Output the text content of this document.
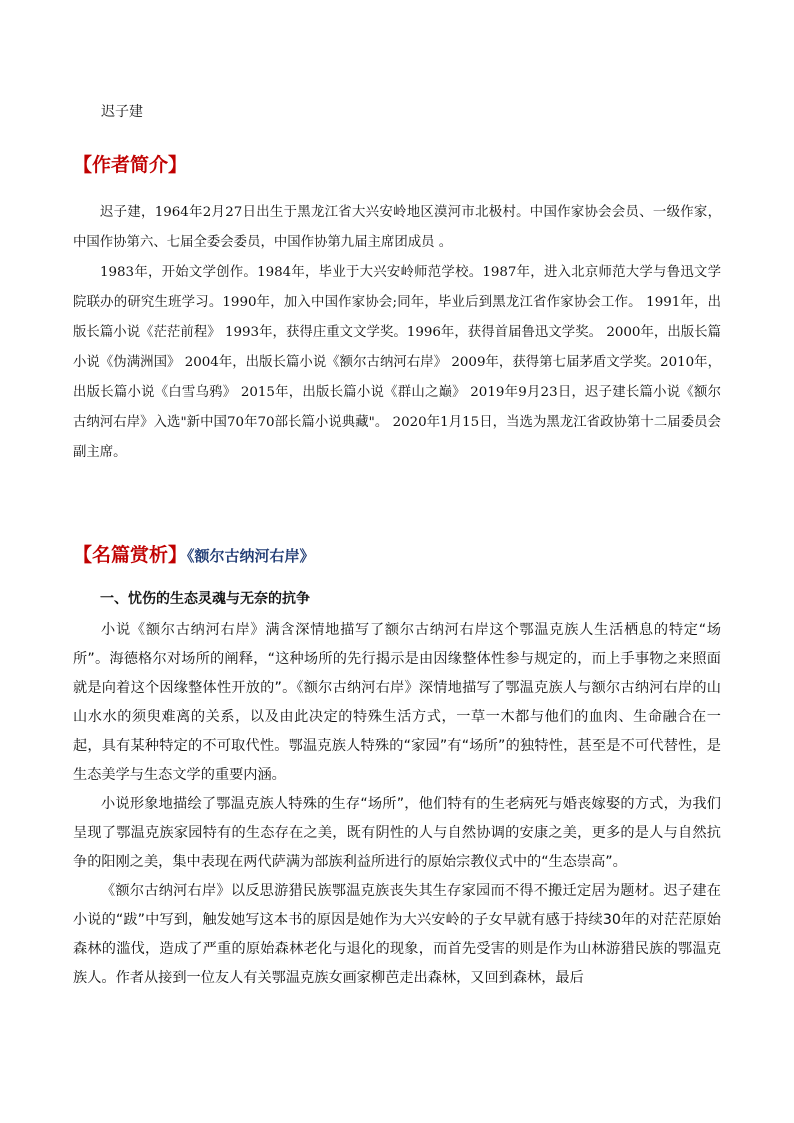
迟子建
【作者简介】

迟子建，1964年2月27日出生于黑龙江省大兴安岭地区漠河市北极村。中国作家协会会员、一级作家，中国作协第六、七届全委会委员，中国作协第九届主席团成员 。

1983年，开始文学创作。1984年，毕业于大兴安岭师范学校。1987年，进入北京师范大学与鲁迅文学院联办的研究生班学习。1990年，加入中国作家协会;同年，毕业后到黑龙江省作家协会工作。 1991年，出版长篇小说《茫茫前程》 1993年，获得庄重文文学奖。1996年，获得首届鲁迅文学奖。 2000年，出版长篇小说《伪满洲国》 2004年，出版长篇小说《额尔古纳河右岸》 2009年，获得第七届茅盾文学奖。2010年，出版长篇小说《白雪乌鸦》 2015年，出版长篇小说《群山之巅》 2019年9月23日，迟子建长篇小说《额尔古纳河右岸》入选"新中国70年70部长篇小说典藏"。 2020年1月15日，当选为黑龙江省政协第十二届委员会副主席。

【名篇赏析】《额尔古纳河右岸》
一、忧伤的生态灵魂与无奈的抗争

小说《额尔古纳河右岸》满含深情地描写了额尔古纳河右岸这个鄂温克族人生活栖息的特定“场所”。海德格尔对场所的阐释，“这种场所的先行揭示是由因缘整体性参与规定的，而上手事物之来照面就是向着这个因缘整体性开放的”。《额尔古纳河右岸》深情地描写了鄂温克族人与额尔古纳河右岸的山山水水的须臾难离的关系，以及由此决定的特殊生活方式，一草一木都与他们的血肉、生命融合在一起，具有某种特定的不可取代性。鄂温克族人特殊的“家园”有“场所”的独特性，甚至是不可代替性，是生态美学与生态文学的重要内涵。

小说形象地描绘了鄂温克族人特殊的生存“场所”，他们特有的生老病死与婚丧嫁娶的方式，为我们呈现了鄂温克族家园特有的生态存在之美，既有阴性的人与自然协调的安康之美，更多的是人与自然抗争的阳刚之美，集中表现在两代萨满为部族利益所进行的原始宗教仪式中的“生态崇高”。

《额尔古纳河右岸》以反思游猎民族鄂温克族丧失其生存家园而不得不搬迁定居为题材。迟子建在小说的“跋”中写到，触发她写这本书的原因是她作为大兴安岭的子女早就有感于持续30年的对茫茫原始森林的滥伐，造成了严重的原始森林老化与退化的现象，而首先受害的则是作为山林游猎民族的鄂温克族人。作者从接到一位友人有关鄂温克族女画家柳芭走出森林，又回到森林，最后
